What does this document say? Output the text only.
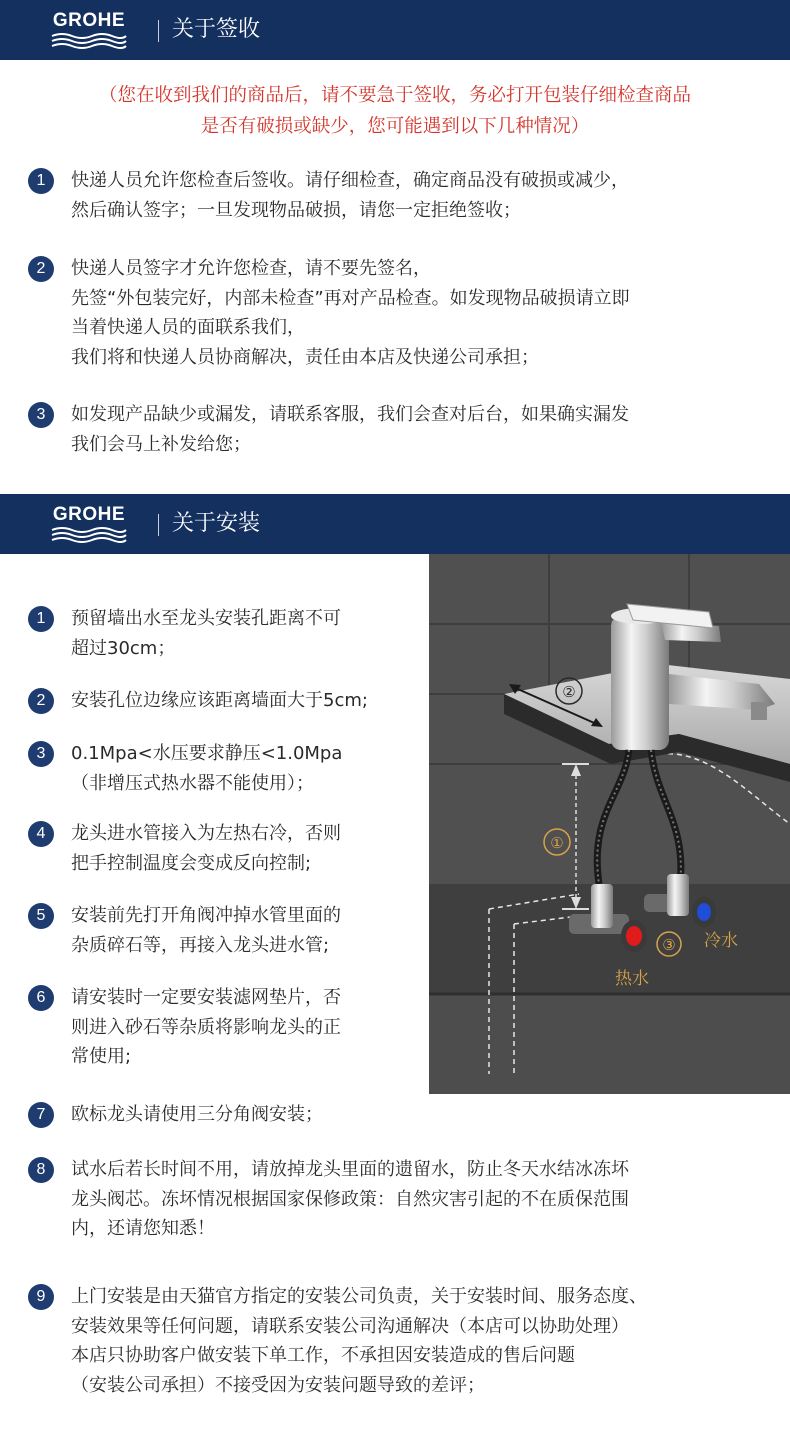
GROHE	关于签收
（您在收到我们的商品后，请不要急于签收，务必打开包装仔细检查商品
是否有破损或缺少，您可能遇到以下几种情况）
1	快递人员允许您检查后签收。请仔细检查，确定商品没有破损或减少，
然后确认签字；一旦发现物品破损，请您一定拒绝签收；
2	快递人员签字才允许您检查，请不要先签名，
先签“外包装完好，内部未检查”再对产品检查。如发现物品破损请立即
当着快递人员的面联系我们，
我们将和快递人员协商解决，责任由本店及快递公司承担；
3	如发现产品缺少或漏发，请联系客服，我们会查对后台，如果确实漏发
我们会马上补发给您；
GROHE	关于安装
②
①
③
热水
冷水
1	预留墙出水至龙头安装孔距离不可
超过30cm；
2	安装孔位边缘应该距离墙面大于5cm;
3	0.1Mpa<水压要求静压<1.0Mpa
（非增压式热水器不能使用）；
4	龙头进水管接入为左热右冷，否则
把手控制温度会变成反向控制;
5	安装前先打开角阀冲掉水管里面的
杂质碎石等，再接入龙头进水管;
6	请安装时一定要安装滤网垫片，否
则进入砂石等杂质将影响龙头的正
常使用;
7	欧标龙头请使用三分角阀安装；
8	试水后若长时间不用，请放掉龙头里面的遗留水，防止冬天水结冰冻坏
龙头阀芯。冻坏情况根据国家保修政策：自然灾害引起的不在质保范围
内，还请您知悉！
9	上门安装是由天猫官方指定的安装公司负责，关于安装时间、服务态度、
安装效果等任何问题，请联系安装公司沟通解决（本店可以协助处理）
本店只协助客户做安装下单工作，不承担因安装造成的售后问题
（安装公司承担）不接受因为安装问题导致的差评；
